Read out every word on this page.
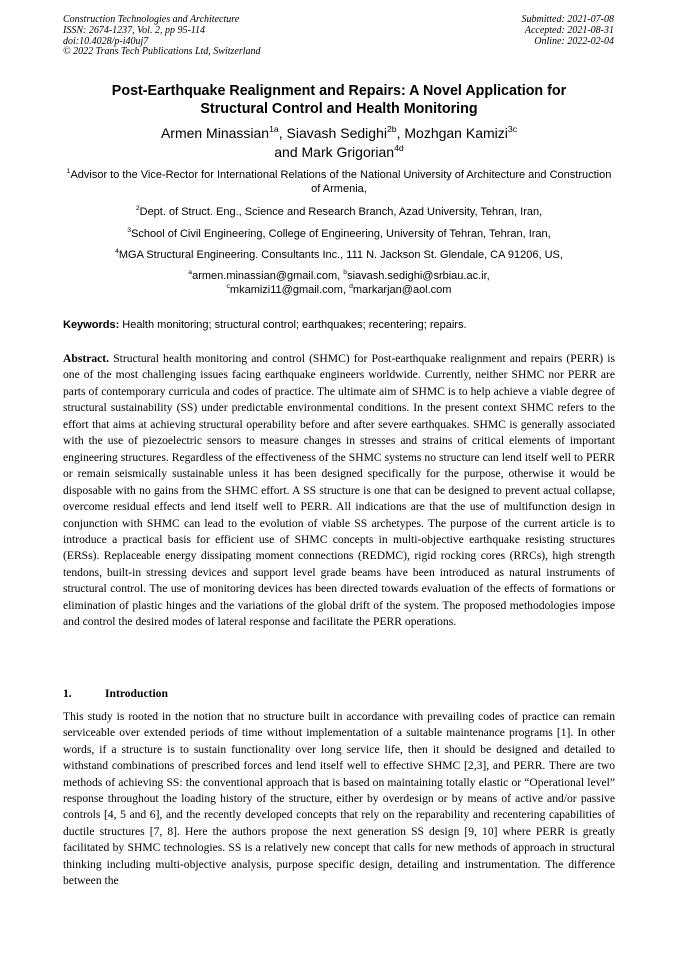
Construction Technologies and Architecture
ISSN: 2674-1237, Vol. 2, pp 95-114
doi:10.4028/p-i40uj7
© 2022 Trans Tech Publications Ltd, Switzerland
Submitted: 2021-07-08
Accepted: 2021-08-31
Online: 2022-02-04
Post-Earthquake Realignment and Repairs: A Novel Application for
Structural Control and Health Monitoring
Armen Minassian$^{1a}$, Siavash Sedighi$^{2b}$, Mozhgan Kamizi$^{3c}$
and Mark Grigorian$^{4d}$
$^1$Advisor to the Vice-Rector for International Relations of the National University of Architecture and Construction of Armenia,
$^2$Dept. of Struct. Eng., Science and Research Branch, Azad University, Tehran, Iran,
$^3$School of Civil Engineering, College of Engineering, University of Tehran, Tehran, Iran,
$^4$MGA Structural Engineering. Consultants Inc., 111 N. Jackson St. Glendale, CA 91206, US,
$^a$armen.minassian@gmail.com, $^b$siavash.sedighi@srbiau.ac.ir,
$^c$mkamizi11@gmail.com, $^d$markarjan@aol.com
Keywords: Health monitoring; structural control; earthquakes; recentering; repairs.
Abstract. Structural health monitoring and control (SHMC) for Post-earthquake realignment and repairs (PERR) is one of the most challenging issues facing earthquake engineers worldwide. Currently, neither SHMC nor PERR are parts of contemporary curricula and codes of practice. The ultimate aim of SHMC is to help achieve a viable degree of structural sustainability (SS) under predictable environmental conditions. In the present context SHMC refers to the effort that aims at achieving structural operability before and after severe earthquakes. SHMC is generally associated with the use of piezoelectric sensors to measure changes in stresses and strains of critical elements of important engineering structures. Regardless of the effectiveness of the SHMC systems no structure can lend itself well to PERR or remain seismically sustainable unless it has been designed specifically for the purpose, otherwise it would be disposable with no gains from the SHMC effort. A SS structure is one that can be designed to prevent actual collapse, overcome residual effects and lend itself well to PERR. All indications are that the use of multifunction design in conjunction with SHMC can lead to the evolution of viable SS archetypes. The purpose of the current article is to introduce a practical basis for efficient use of SHMC concepts in multi-objective earthquake resisting structures (ERSs). Replaceable energy dissipating moment connections (REDMC), rigid rocking cores (RRCs), high strength tendons, built-in stressing devices and support level grade beams have been introduced as natural instruments of structural control. The use of monitoring devices has been directed towards evaluation of the effects of formations or elimination of plastic hinges and the variations of the global drift of the system. The proposed methodologies impose and control the desired modes of lateral response and facilitate the PERR operations.
1.	Introduction
This study is rooted in the notion that no structure built in accordance with prevailing codes of practice can remain serviceable over extended periods of time without implementation of a suitable maintenance programs [1]. In other words, if a structure is to sustain functionality over long service life, then it should be designed and detailed to withstand combinations of prescribed forces and lend itself well to effective SHMC [2,3], and PERR. There are two methods of achieving SS: the conventional approach that is based on maintaining totally elastic or “Operational level” response throughout the loading history of the structure, either by overdesign or by means of active and/or passive controls [4, 5 and 6], and the recently developed concepts that rely on the reparability and recentering capabilities of ductile structures [7, 8]. Here the authors propose the next generation SS design [9, 10] where PERR is greatly facilitated by SHMC technologies. SS is a relatively new concept that calls for new methods of approach in structural thinking including multi-objective analysis, purpose specific design, detailing and instrumentation. The difference between the
